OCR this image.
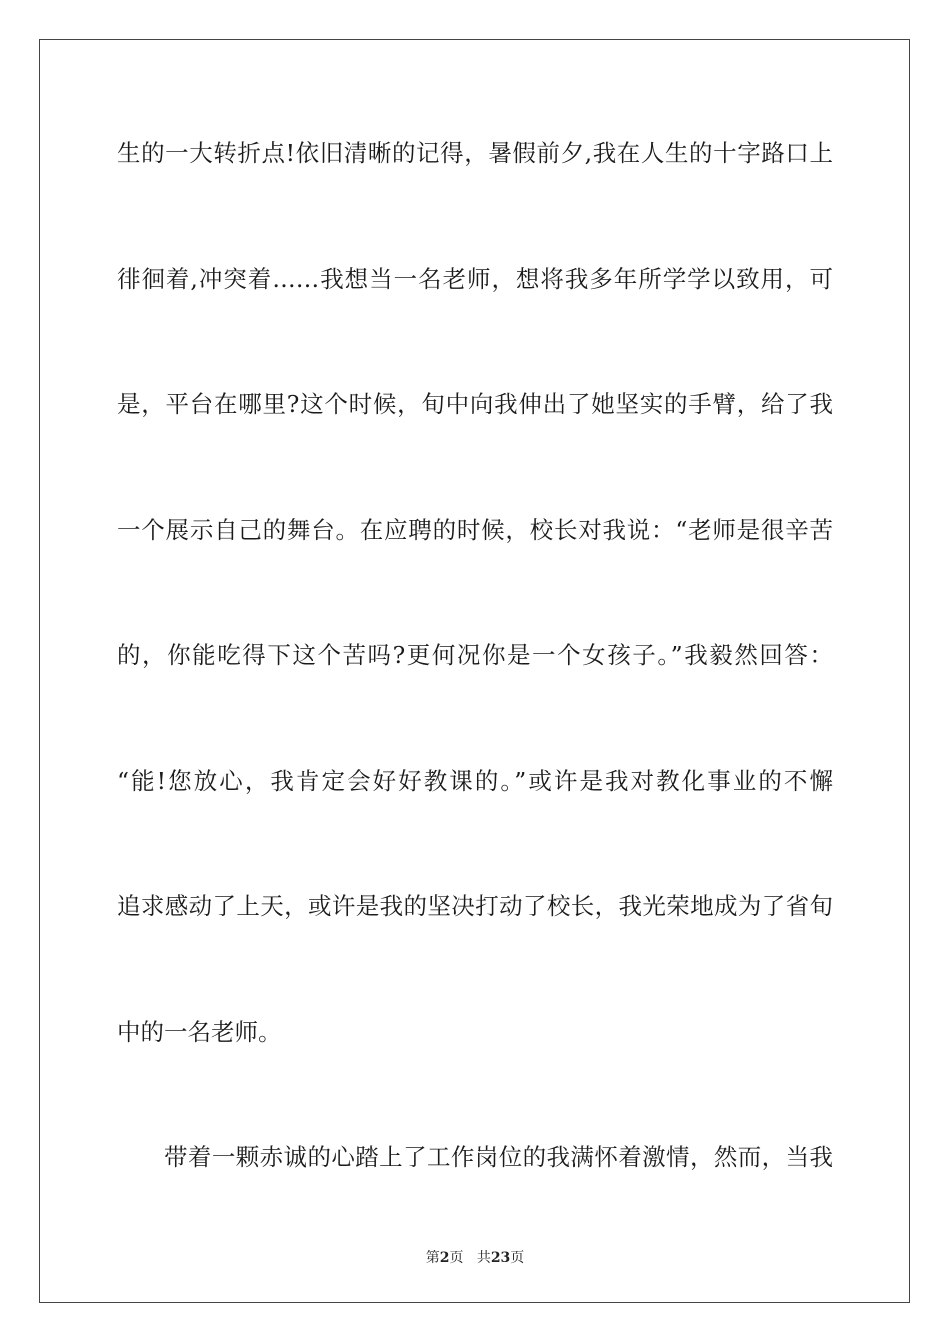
生的一大转折点!依旧清晰的记得，暑假前夕,我在人生的十字路口上
徘徊着,冲突着……我想当一名老师，想将我多年所学学以致用，可
是，平台在哪里?这个时候，旬中向我伸出了她坚实的手臂，给了我
一个展示自己的舞台。在应聘的时候，校长对我说：“老师是很辛苦
的，你能吃得下这个苦吗?更何况你是一个女孩子。”我毅然回答：
“能!您放心，我肯定会好好教课的。”或许是我对教化事业的不懈
追求感动了上天，或许是我的坚决打动了校长，我光荣地成为了省旬
中的一名老师。
带着一颗赤诚的心踏上了工作岗位的我满怀着激情，然而，当我
第2页 共23页
